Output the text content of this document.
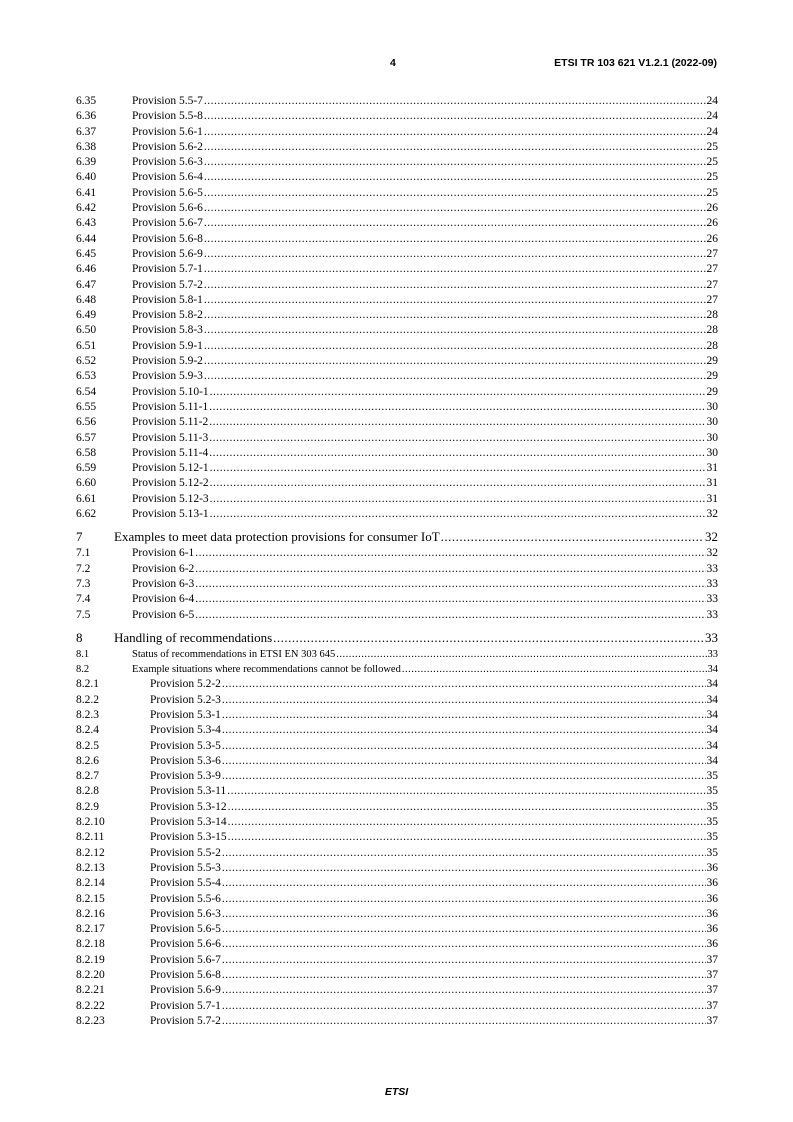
4	ETSI TR 103 621 V1.2.1 (2022-09)
6.35	Provision 5.5-7 .....	24
6.36	Provision 5.5-8 .....	24
6.37	Provision 5.6-1 .....	24
6.38	Provision 5.6-2 .....	25
6.39	Provision 5.6-3 .....	25
6.40	Provision 5.6-4 .....	25
6.41	Provision 5.6-5 .....	25
6.42	Provision 5.6-6 .....	26
6.43	Provision 5.6-7 .....	26
6.44	Provision 5.6-8 .....	26
6.45	Provision 5.6-9 .....	27
6.46	Provision 5.7-1 .....	27
6.47	Provision 5.7-2 .....	27
6.48	Provision 5.8-1 .....	27
6.49	Provision 5.8-2 .....	28
6.50	Provision 5.8-3 .....	28
6.51	Provision 5.9-1 .....	28
6.52	Provision 5.9-2 .....	29
6.53	Provision 5.9-3 .....	29
6.54	Provision 5.10-1 .....	29
6.55	Provision 5.11-1 .....	30
6.56	Provision 5.11-2 .....	30
6.57	Provision 5.11-3 .....	30
6.58	Provision 5.11-4 .....	30
6.59	Provision 5.12-1 .....	31
6.60	Provision 5.12-2 .....	31
6.61	Provision 5.12-3 .....	31
6.62	Provision 5.13-1 .....	32
7	Examples to meet data protection provisions for consumer IoT .....	32
7.1	Provision 6-1 .....	32
7.2	Provision 6-2 .....	33
7.3	Provision 6-3 .....	33
7.4	Provision 6-4 .....	33
7.5	Provision 6-5 .....	33
8	Handling of recommendations .....	33
8.1	Status of recommendations in ETSI EN 303 645 .....	33
8.2	Example situations where recommendations cannot be followed .....	34
8.2.1	Provision 5.2-2 .....	34
8.2.2	Provision 5.2-3 .....	34
8.2.3	Provision 5.3-1 .....	34
8.2.4	Provision 5.3-4 .....	34
8.2.5	Provision 5.3-5 .....	34
8.2.6	Provision 5.3-6 .....	34
8.2.7	Provision 5.3-9 .....	35
8.2.8	Provision 5.3-11 .....	35
8.2.9	Provision 5.3-12 .....	35
8.2.10	Provision 5.3-14 .....	35
8.2.11	Provision 5.3-15 .....	35
8.2.12	Provision 5.5-2 .....	35
8.2.13	Provision 5.5-3 .....	36
8.2.14	Provision 5.5-4 .....	36
8.2.15	Provision 5.5-6 .....	36
8.2.16	Provision 5.6-3 .....	36
8.2.17	Provision 5.6-5 .....	36
8.2.18	Provision 5.6-6 .....	36
8.2.19	Provision 5.6-7 .....	37
8.2.20	Provision 5.6-8 .....	37
8.2.21	Provision 5.6-9 .....	37
8.2.22	Provision 5.7-1 .....	37
8.2.23	Provision 5.7-2 .....	37
ETSI
